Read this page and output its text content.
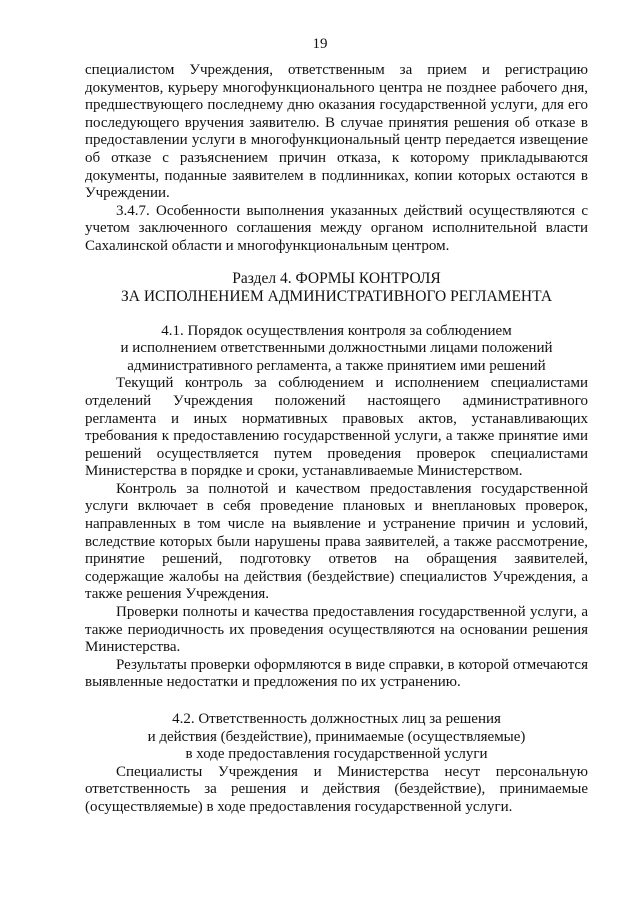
19

специалистом Учреждения, ответственным за прием и регистрацию документов, курьеру многофункционального центра не позднее рабочего дня, предшествующего последнему дню оказания государственной услуги, для его последующего вручения заявителю. В случае принятия решения об отказе в предоставлении услуги в многофункциональный центр передается извещение об отказе с разъяснением причин отказа, к которому прикладываются документы, поданные заявителем в подлинниках, копии которых остаются в Учреждении.

3.4.7. Особенности выполнения указанных действий осуществляются с учетом заключенного соглашения между органом исполнительной власти Сахалинской области и многофункциональным центром.

Раздел 4. ФОРМЫ КОНТРОЛЯ
ЗА ИСПОЛНЕНИЕМ АДМИНИСТРАТИВНОГО РЕГЛАМЕНТА
4.1. Порядок осуществления контроля за соблюдением
и исполнением ответственными должностными лицами положений
административного регламента, а также принятием ими решений

Текущий контроль за соблюдением и исполнением специалистами отделений Учреждения положений настоящего административного регламента и иных нормативных правовых актов, устанавливающих требования к предоставлению государственной услуги, а также принятие ими решений осуществляется путем проведения проверок специалистами Министерства в порядке и сроки, устанавливаемые Министерством.

Контроль за полнотой и качеством предоставления государственной услуги включает в себя проведение плановых и внеплановых проверок, направленных в том числе на выявление и устранение причин и условий, вследствие которых были нарушены права заявителей, а также рассмотрение, принятие решений, подготовку ответов на обращения заявителей, содержащие жалобы на действия (бездействие) специалистов Учреждения, а также решения Учреждения.

Проверки полноты и качества предоставления государственной услуги, а также периодичность их проведения осуществляются на основании решения Министерства.

Результаты проверки оформляются в виде справки, в которой отмечаются выявленные недостатки и предложения по их устранению.

4.2. Ответственность должностных лиц за решения
и действия (бездействие), принимаемые (осуществляемые)
в ходе предоставления государственной услуги

Специалисты Учреждения и Министерства несут персональную ответственность за решения и действия (бездействие), принимаемые (осуществляемые) в ходе предоставления государственной услуги.
